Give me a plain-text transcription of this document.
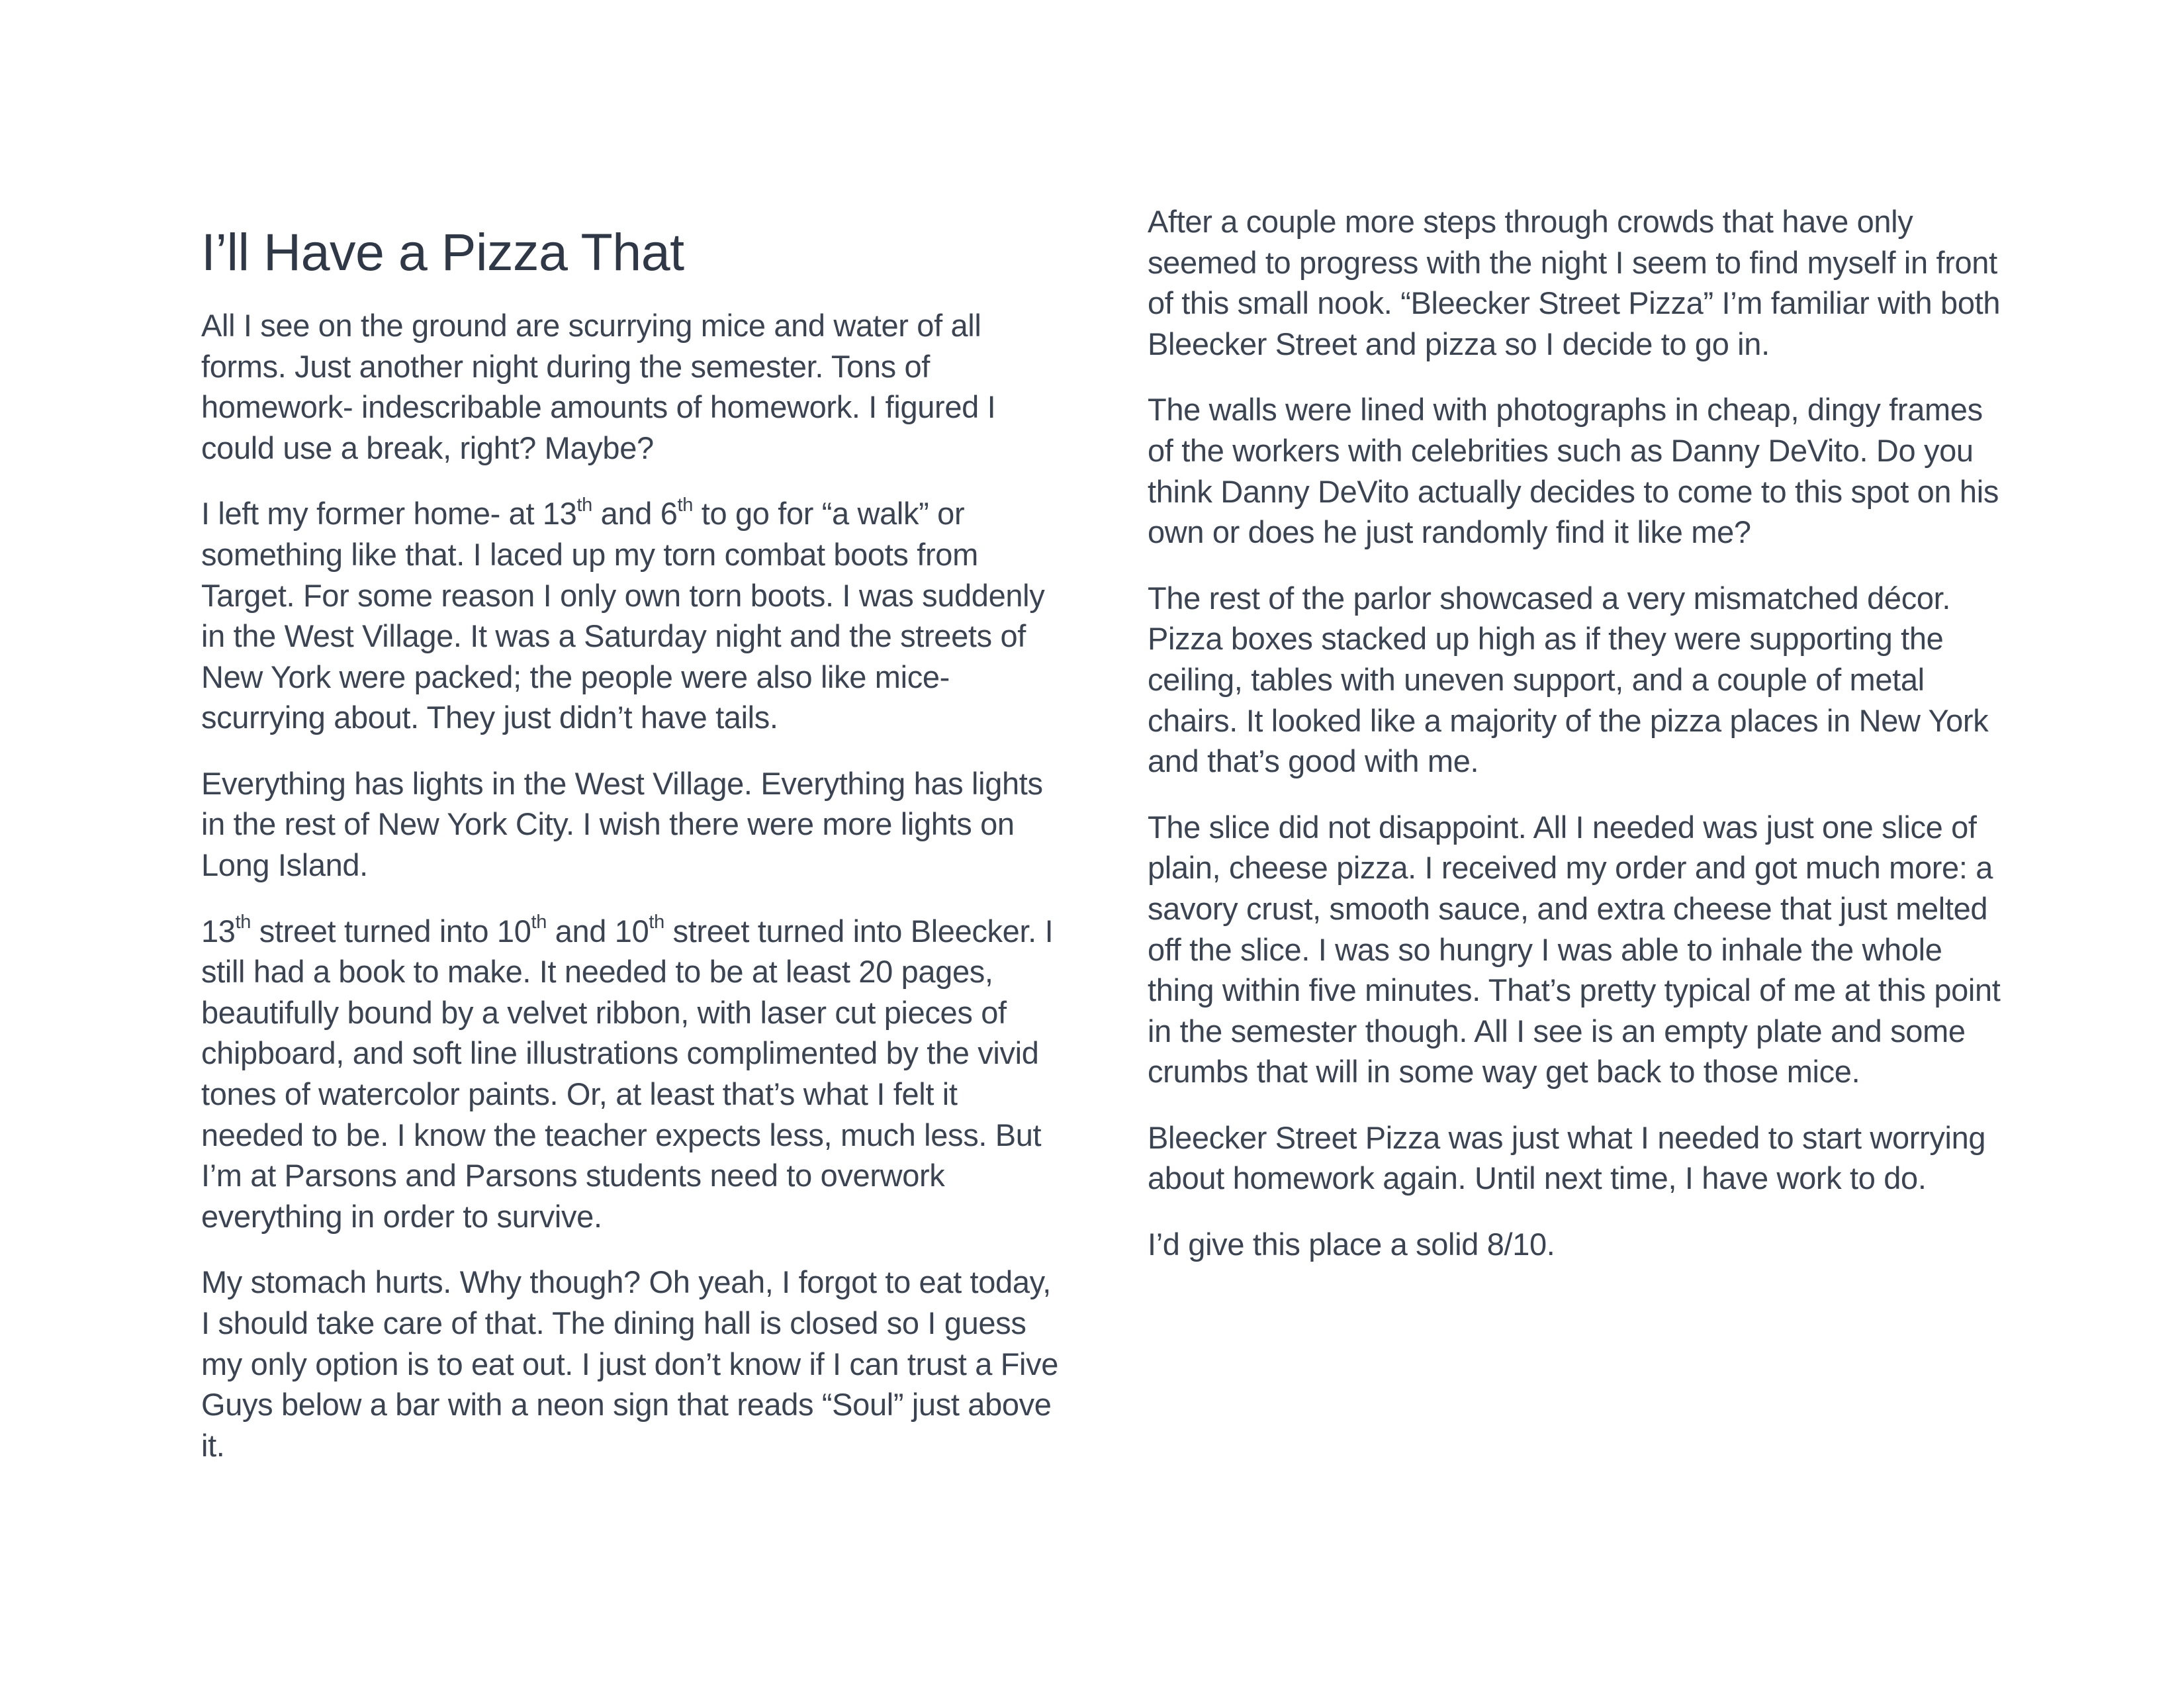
I’ll Have a Pizza That

All I see on the ground are scurrying mice and water of all forms. Just another night during the semester. Tons of homework- indescribable amounts of homework. I figured I could use a break, right? Maybe?

I left my former home- at 13th and 6th to go for “a walk” or something like that. I laced up my torn combat boots from Target. For some reason I only own torn boots. I was suddenly in the West Village. It was a Saturday night and the streets of New York were packed; the people were also like mice- scurrying about. They just didn’t have tails.

Everything has lights in the West Village. Everything has lights in the rest of New York City. I wish there were more lights on Long Island.

13th street turned into 10th and 10th street turned into Bleecker. I still had a book to make. It needed to be at least 20 pages, beautifully bound by a velvet ribbon, with laser cut pieces of chipboard, and soft line illustrations complimented by the vivid tones of watercolor paints. Or, at least that’s what I felt it needed to be. I know the teacher expects less, much less. But I’m at Parsons and Parsons students need to overwork everything in order to survive.

My stomach hurts. Why though? Oh yeah, I forgot to eat today, I should take care of that. The dining hall is closed so I guess my only option is to eat out. I just don’t know if I can trust a Five Guys below a bar with a neon sign that reads “Soul” just above it.

After a couple more steps through crowds that have only seemed to progress with the night I seem to find myself in front of this small nook. “Bleecker Street Pizza” I’m familiar with both Bleecker Street and pizza so I decide to go in.

The walls were lined with photographs in cheap, dingy frames of the workers with celebrities such as Danny DeVito. Do you think Danny DeVito actually decides to come to this spot on his own or does he just randomly find it like me?

The rest of the parlor showcased a very mismatched décor. Pizza boxes stacked up high as if they were supporting the ceiling, tables with uneven support, and a couple of metal chairs. It looked like a majority of the pizza places in New York and that’s good with me.

The slice did not disappoint. All I needed was just one slice of plain, cheese pizza. I received my order and got much more: a savory crust, smooth sauce, and extra cheese that just melted off the slice. I was so hungry I was able to inhale the whole thing within five minutes. That’s pretty typical of me at this point in the semester though. All I see is an empty plate and some crumbs that will in some way get back to those mice.

Bleecker Street Pizza was just what I needed to start worrying about homework again. Until next time, I have work to do.

I’d give this place a solid 8/10.
